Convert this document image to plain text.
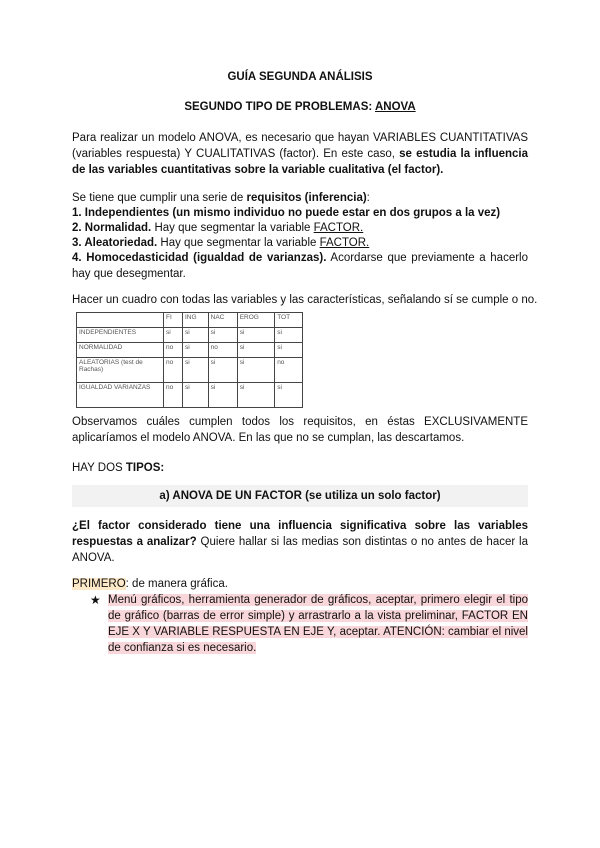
GUÍA SEGUNDA ANÁLISIS
SEGUNDO TIPO DE PROBLEMAS: ANOVA

Para realizar un modelo ANOVA, es necesario que hayan VARIABLES CUANTITATIVAS (variables respuesta) Y CUALITATIVAS (factor). En este caso, se estudia la influencia de las variables cuantitativas sobre la variable cualitativa (el factor).

Se tiene que cumplir una serie de requisitos (inferencia):
1. Independientes (un mismo individuo no puede estar en dos grupos a la vez)
2. Normalidad. Hay que segmentar la variable FACTOR.
3. Aleatoriedad. Hay que segmentar la variable FACTOR.

4. Homocedasticidad (igualdad de varianzas). Acordarse que previamente a hacerlo hay que desegmentar.

Hacer un cuadro con todas las variables y las características, señalando sí se cumple o no.
	FI	ING	NAC	EROG	TOT
INDEPENDIENTES	si	si	si	si	si
NORMALIDAD	no	si	no	si	si
ALEATORIAS (test de Rachas)	no	si	si	si	no
IGUALDAD VARIANZAS	no	si	si	si	si

Observamos cuáles cumplen todos los requisitos, en éstas EXCLUSIVAMENTE aplicaríamos el modelo ANOVA. En las que no se cumplan, las descartamos.

HAY DOS TIPOS:
a) ANOVA DE UN FACTOR (se utiliza un solo factor)

¿El factor considerado tiene una influencia significativa sobre las variables respuestas a analizar? Quiere hallar si las medias son distintas o no antes de hacer la ANOVA.

PRIMERO: de manera gráfica.
★ Menú gráficos, herramienta generador de gráficos, aceptar, primero elegir el tipo de gráfico (barras de error simple) y arrastrarlo a la vista preliminar, FACTOR EN EJE X Y VARIABLE RESPUESTA EN EJE Y, aceptar. ATENCIÓN: cambiar el nivel de confianza si es necesario.
